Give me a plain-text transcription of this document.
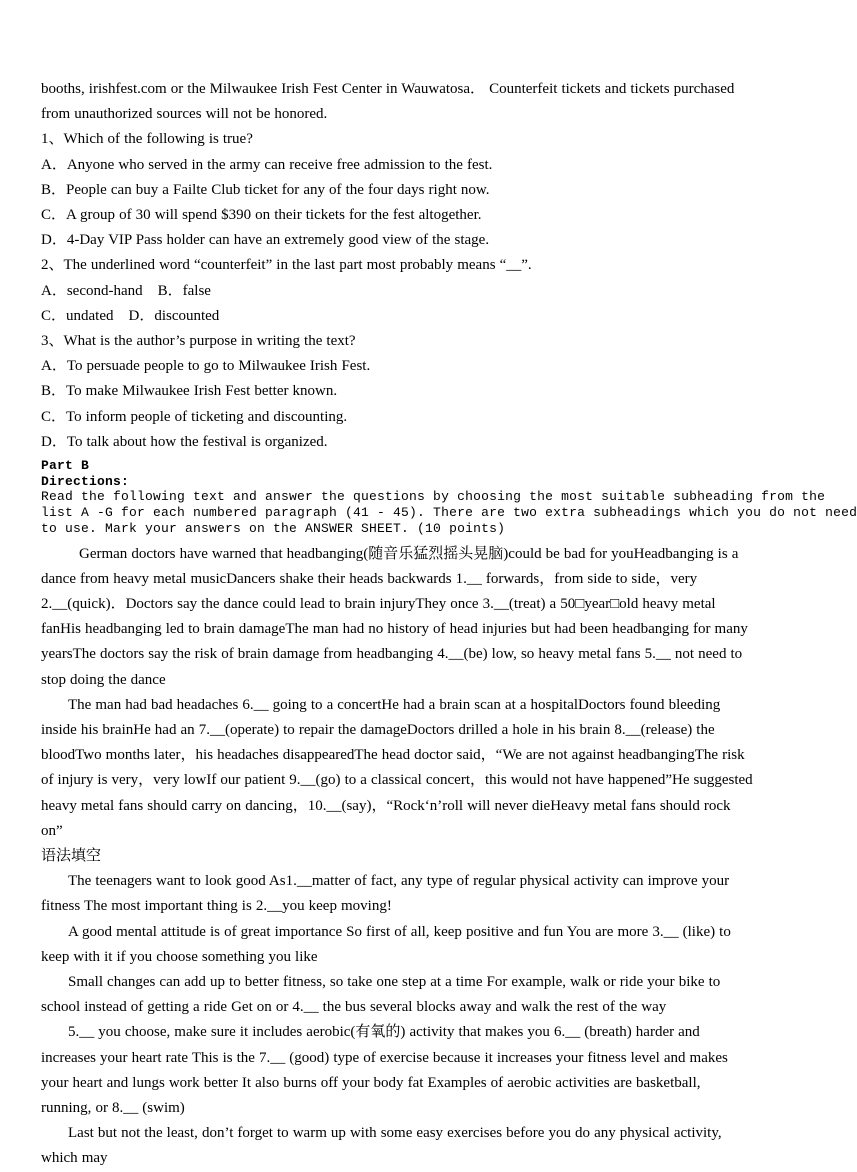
booths, irishfest.com or the Milwaukee Irish Fest Center in Wauwatosa． Counterfeit tickets and tickets purchased from unauthorized sources will not be honored.

1、Which of the following is true?

A．Anyone who served in the army can receive free admission to the fest.

B．People can buy a Failte Club ticket for any of the four days right now.

C．A group of 30 will spend $390 on their tickets for the fest altogether.

D．4-Day VIP Pass holder can have an extremely good view of the stage.

2、The underlined word “counterfeit” in the last part most probably means “__”.

A．second-hand　B．false

C．undated　D．discounted

3、What is the author’s purpose in writing the text?

A．To persuade people to go to Milwaukee Irish Fest.

B．To make Milwaukee Irish Fest better known.

C．To inform people of ticketing and discounting.

D．To talk about how the festival is organized.

Part B
Directions:
Read the following text and answer the questions by choosing the most suitable subheading from the
list A -G for each numbered paragraph (41 - 45). There are two extra subheadings which you do not need
to use. Mark your answers on the ANSWER SHEET. (10 points)

German doctors have warned that headbanging(随音乐猛烈摇头晃脑)could be bad for youHeadbanging is a dance from heavy metal musicDancers shake their heads backwards 1.__ forwards，from side to side，very 2.__(quick)．Doctors say the dance could lead to brain injuryThey once 3.__(treat) a 50□year□old heavy metal fanHis headbanging led to brain damageThe man had no history of head injuries but had been headbanging for many yearsThe doctors say the risk of brain damage from headbanging 4.__(be) low, so heavy metal fans 5.__ not need to stop doing the dance

The man had bad headaches 6.__ going to a concertHe had a brain scan at a hospitalDoctors found bleeding inside his brainHe had an 7.__(operate) to repair the damageDoctors drilled a hole in his brain 8.__(release) the bloodTwo months later，his headaches disappearedThe head doctor said，“We are not against headbangingThe risk of injury is very，very lowIf our patient 9.__(go) to a classical concert，this would not have happened”He suggested heavy metal fans should carry on dancing，10.__(say)，“Rock‘n’roll will never dieHeavy metal fans should rock on”

语法填空

The teenagers want to look good As1.__matter of fact, any type of regular physical activity can improve your fitness The most important thing is 2.__you keep moving!

A good mental attitude is of great importance So first of all, keep positive and fun You are more 3.__ (like) to keep with it if you choose something you like

Small changes can add up to better fitness, so take one step at a time For example, walk or ride your bike to school instead of getting a ride Get on or 4.__ the bus several blocks away and walk the rest of the way

5.__ you choose, make sure it includes aerobic(有氧的) activity that makes you 6.__ (breath) harder and increases your heart rate This is the 7.__ (good) type of exercise because it increases your fitness level and makes your heart and lungs work better It also burns off your body fat Examples of aerobic activities are basketball, running, or 8.__ (swim)

Last but not the least, don’t forget to warm up with some easy exercises before you do any physical activity, which may
